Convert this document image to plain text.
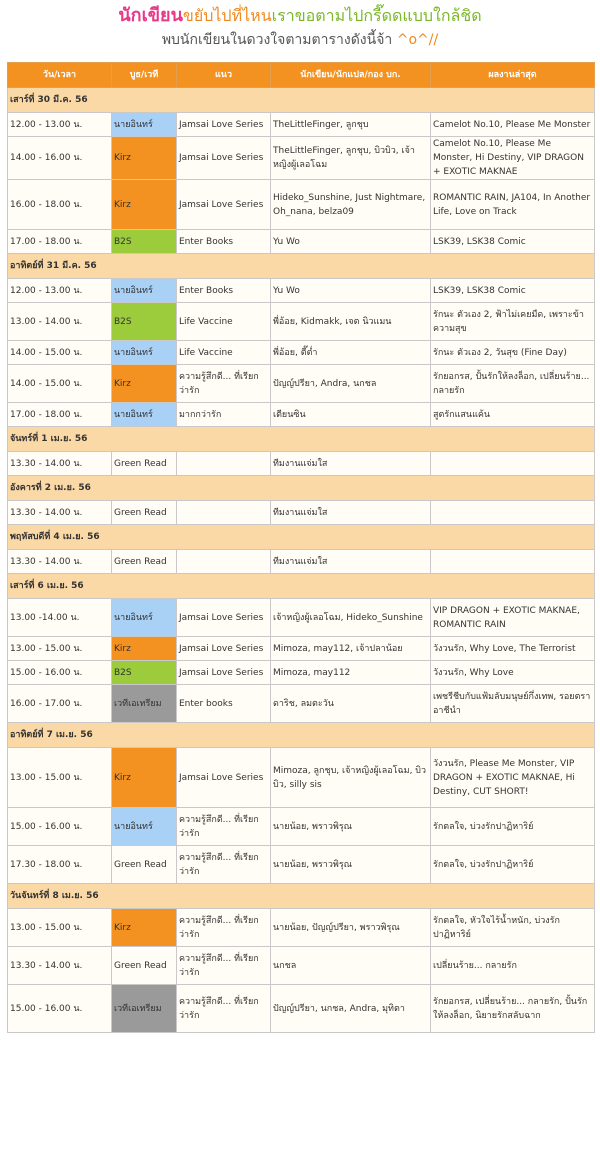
นักเขียนขยับไปที่ไหนเราขอตามไปกรี๊ดดแบบใกล้ชิด
พบนักเขียนในดวงใจตามตารางดังนี้จ้า ^o^//
วัน/เวลา	บูธ/เวที	แนว	นักเขียน/นักแปล/กอง บก.	ผลงานล่าสุด
เสาร์ที่ 30 มี.ค. 56				
12.00 - 13.00 น.	นายอินทร์	Jamsai Love Series	TheLittleFinger, ลูกชุบ	Camelot No.10, Please Me Monster
14.00 - 16.00 น.	Kirz	Jamsai Love Series	TheLittleFinger, ลูกชุบ, บิวบิว, เจ้าหญิงผู้เลอโฉม	Camelot No.10, Please Me Monster, Hi Destiny, VIP DRAGON + EXOTIC MAKNAE
16.00 - 18.00 น.	Kirz	Jamsai Love Series	Hideko_Sunshine, Just Nightmare, Oh_nana, belza09	ROMANTIC RAIN, JA104, In Another Life, Love on Track
17.00 - 18.00 น.	B2S	Enter Books	Yu Wo	LSK39, LSK38 Comic
อาทิตย์ที่ 31 มี.ค. 56				
12.00 - 13.00 น.	นายอินทร์	Enter Books	Yu Wo	LSK39, LSK38 Comic
13.00 - 14.00 น.	B2S	Life Vaccine	พี่อ้อย, Kidmakk, เจต นิวแมน	รักนะ ตัวเอง 2, ฟ้าไม่เคยมืด, เพราะข้าความสุข
14.00 - 15.00 น.	นายอินทร์	Life Vaccine	พี่อ้อย, ตี๊ต่ำ	รักนะ ตัวเอง 2, วันสุข (Fine Day)
14.00 - 15.00 น.	Kirz	ความรู้สึกดี... ที่เรียกว่ารัก	ปัญญ์ปรียา, Andra, นกชล	รักยอกรส, ปั้นรักให้ลงล็อก, เปลี่ยนร้าย... กลายรัก
17.00 - 18.00 น.	นายอินทร์	มากกว่ารัก	เตียนซิน	สูตรักแสนแค้น
จันทร์ที่ 1 เม.ย. 56				
13.30 - 14.00 น.	Green Read		ทีมงานแจ่มใส	
อังคารที่ 2 เม.ย. 56				
13.30 - 14.00 น.	Green Read		ทีมงานแจ่มใส	
พฤหัสบดีที่ 4 เม.ย. 56				
13.30 - 14.00 น.	Green Read		ทีมงานแจ่มใส	
เสาร์ที่ 6 เม.ย. 56				
13.00 -14.00 น.	นายอินทร์	Jamsai Love Series	เจ้าหญิงผู้เลอโฉม, Hideko_Sunshine	VIP DRAGON + EXOTIC MAKNAE, ROMANTIC RAIN
13.00 - 15.00 น.	Kirz	Jamsai Love Series	Mimoza, may112, เจ้าปลาน้อย	วังวนรัก, Why Love, The Terrorist
15.00 - 16.00 น.	B2S	Jamsai Love Series	Mimoza, may112	วังวนรัก, Why Love
16.00 - 17.00 น.	เวทีเอเทรียม	Enter books	ดาริช, ลมตะวัน	เพชรีชีบกับแฟ้มลับมนุษย์กึ่งเทพ, รอยตราอาชีนำ
อาทิตย์ที่ 7 เม.ย. 56				
13.00 - 15.00 น.	Kirz	Jamsai Love Series	Mimoza, ลูกชุบ, เจ้าหญิงผู้เลอโฉม, บิวบิว, silly sis	วังวนรัก, Please Me Monster, VIP DRAGON + EXOTIC MAKNAE, Hi Destiny, CUT SHORT!
15.00 - 16.00 น.	นายอินทร์	ความรู้สึกดี... ที่เรียกว่ารัก	นายน้อย, พราวพิรุณ	รักตลใจ, บ่วงรักปาฏิหาริย์
17.30 - 18.00 น.	Green Read	ความรู้สึกดี... ที่เรียกว่ารัก	นายน้อย, พราวพิรุณ	รักตลใจ, บ่วงรักปาฏิหาริย์
วันจันทร์ที่ 8 เม.ย. 56				
13.00 - 15.00 น.	Kirz	ความรู้สึกดี... ที่เรียกว่ารัก	นายน้อย, ปัญญ์ปรียา, พราวพิรุณ	รักตลใจ, หัวใจไร้น้ำหนัก, บ่วงรักปาฏิหาริย์
13.30 - 14.00 น.	Green Read	ความรู้สึกดี... ที่เรียกว่ารัก	นกชล	เปลี่ยนร้าย... กลายรัก
15.00 - 16.00 น.	เวทีเอเทรียม	ความรู้สึกดี... ที่เรียกว่ารัก	ปัญญ์ปรียา, นกชล, Andra, มุทิตา	รักยอกรส, เปลี่ยนร้าย... กลายรัก, ปั้นรักให้ลงล็อก, นิยายรักสลับฉาก
